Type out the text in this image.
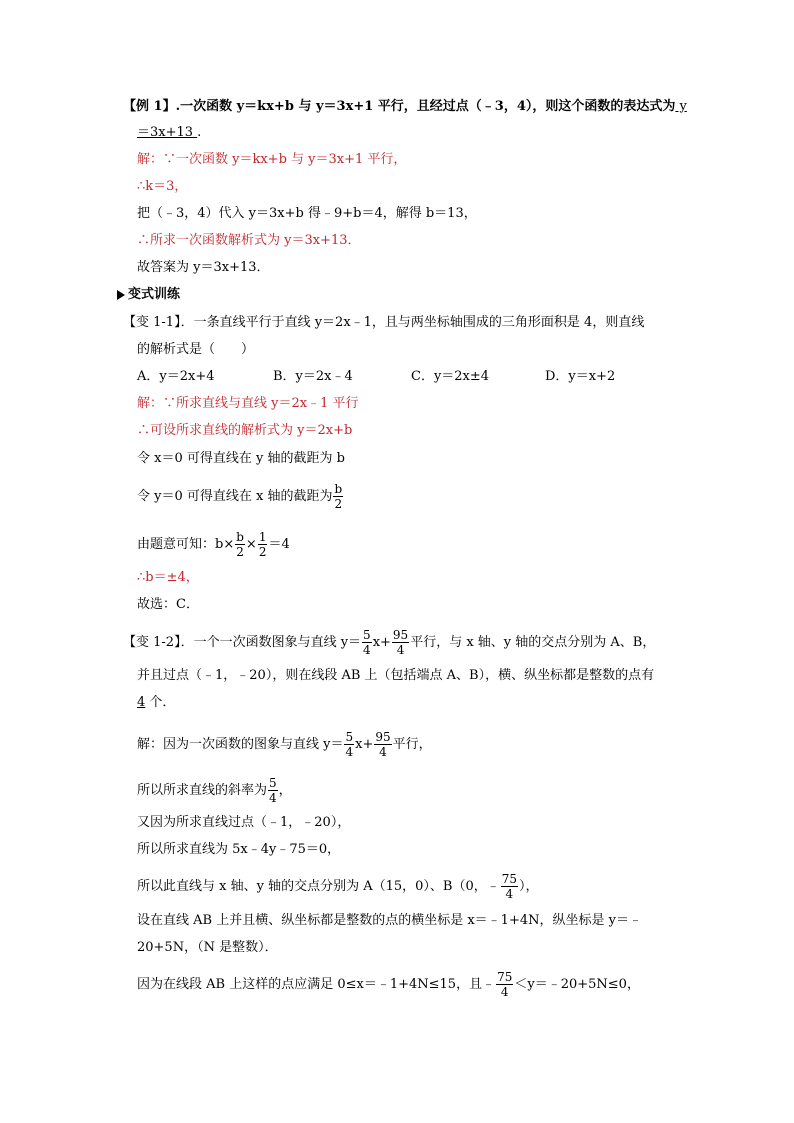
【例 1】.一次函数 y＝kx+b 与 y＝3x+1 平行，且经过点（﹣3，4），则这个函数的表达式为 y
＝3x+13 .
解：∵一次函数 y＝kx+b 与 y＝3x+1 平行，
∴k＝3，
把（﹣3，4）代入 y＝3x+b 得﹣9+b＝4，解得 b＝13，
∴所求一次函数解析式为 y＝3x+13．
故答案为 y＝3x+13．
变式训练
【变 1-1】．一条直线平行于直线 y＝2x﹣1，且与两坐标轴围成的三角形面积是 4，则直线
的解析式是（　　）
A．y＝2x+4	B．y＝2x﹣4	C．y＝2x±4	D．y＝x+2
解：∵所求直线与直线 y＝2x﹣1 平行
∴可设所求直线的解析式为 y＝2x+b
令 x＝0 可得直线在 y 轴的截距为 b
令 y＝0 可得直线在 x 轴的截距为 $\frac{b}{2}$
由题意可知：$b\times \frac{b}{2} \times \frac{1}{2} =4$
∴b＝±4，
故选：C．
【变 1-2】．一个一次函数图象与直线 $y= \frac{5}{4} x+ \frac{95}{4}$ 平行，与 x 轴、y 轴的交点分别为 A、B，
并且过点（﹣1，﹣20），则在线段 AB 上（包括端点 A、B），横、纵坐标都是整数的点有
4 个．
解：因为一次函数的图象与直线 $y= \frac{5}{4} x+ \frac{95}{4}$ 平行，
所以所求直线的斜率为 $\frac{5}{4}$ ，
又因为所求直线过点（﹣1，﹣20），
所以所求直线为 5x﹣4y﹣75＝0，
所以此直线与 x 轴、y 轴的交点分别为 A（15，0）、B（0，﹣ $\frac{75}{4}$ ），
设在直线 AB 上并且横、纵坐标都是整数的点的横坐标是 x＝﹣1+4N，纵坐标是 y＝﹣
20+5N，（N 是整数）．
因为在线段 AB 上这样的点应满足 0≤x＝﹣1+4N≤15，且﹣ $\frac{75}{4}$ ＜y＝﹣20+5N≤0，
